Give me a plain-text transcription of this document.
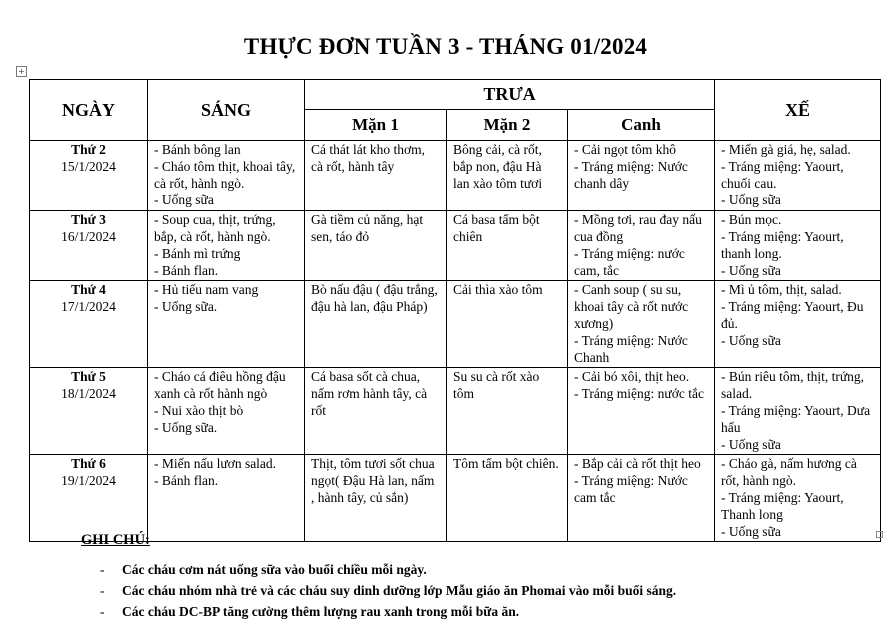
THỰC ĐƠN TUẦN 3 - THÁNG 01/2024
+
NGÀY	SÁNG	TRƯA			XẾ
		Mặn 1	Mặn 2	Canh	

Thứ 2
15/1/2024	- Bánh bông lan
- Cháo tôm thịt, khoai tây, cà rốt, hành ngò.
- Uống sữa	Cá thát lát kho thơm, cà rốt, hành tây	Bông cải, cà rốt, bắp non, đậu Hà lan xào tôm tươi	- Cải ngọt tôm khô
- Tráng miệng: Nước chanh dây	- Miến gà giá, hẹ, salad.
- Tráng miệng: Yaourt, chuối cau.
- Uống sữa

Thứ 3
16/1/2024	- Soup cua, thịt, trứng, bắp, cà rốt, hành ngò.
- Bánh mì trứng
- Bánh flan.	Gà tiềm củ năng, hạt sen, táo đỏ	Cá basa tẩm bột chiên	- Mồng tơi, rau đay nấu cua đồng
- Tráng miệng: nước cam, tắc	- Bún mọc.
- Tráng miệng: Yaourt, thanh long.
- Uống sữa

Thứ 4
17/1/2024	- Hủ tiếu nam vang
- Uống sữa.	Bò nấu đậu ( đậu trắng, đậu hà lan, đậu Pháp)	Cải thìa xào tôm	- Canh soup ( su su, khoai tây cà rốt nước xương)
- Tráng miệng: Nước Chanh	- Mì ủ tôm, thịt, salad.
- Tráng miệng: Yaourt, Đu đủ.
- Uống sữa

Thứ 5
18/1/2024	- Cháo cá điêu hồng đậu xanh cà rốt hành ngò
- Nui xào thịt bò
- Uống sữa.	Cá basa sốt cà chua, nấm rơm hành tây, cà rốt	Su su cà rốt xào tôm	- Cải bó xôi, thịt heo.
- Tráng miệng: nước tắc	- Bún riêu tôm, thịt, trứng, salad.
- Tráng miệng: Yaourt, Dưa hấu
- Uống sữa

Thứ 6
19/1/2024	- Miến nấu lươn salad.
- Bánh flan.	Thịt, tôm tươi sốt chua ngọt( Đậu Hà lan, nấm , hành tây, củ sắn)	Tôm tẩm bột chiên.	- Bắp cải cà rốt thịt heo
- Tráng miệng: Nước cam tắc	- Cháo gà, nấm hương cà rốt, hành ngò.
- Tráng miệng: Yaourt, Thanh long
- Uống sữa
GHI CHÚ:
- Các cháu cơm nát uống sữa vào buổi chiều mỗi ngày.
- Các cháu nhóm nhà trẻ và các cháu suy dinh dưỡng lớp Mẫu giáo ăn Phomai vào mỗi buổi sáng.
- Các cháu DC-BP tăng cường thêm lượng rau xanh trong mỗi bữa ăn.
